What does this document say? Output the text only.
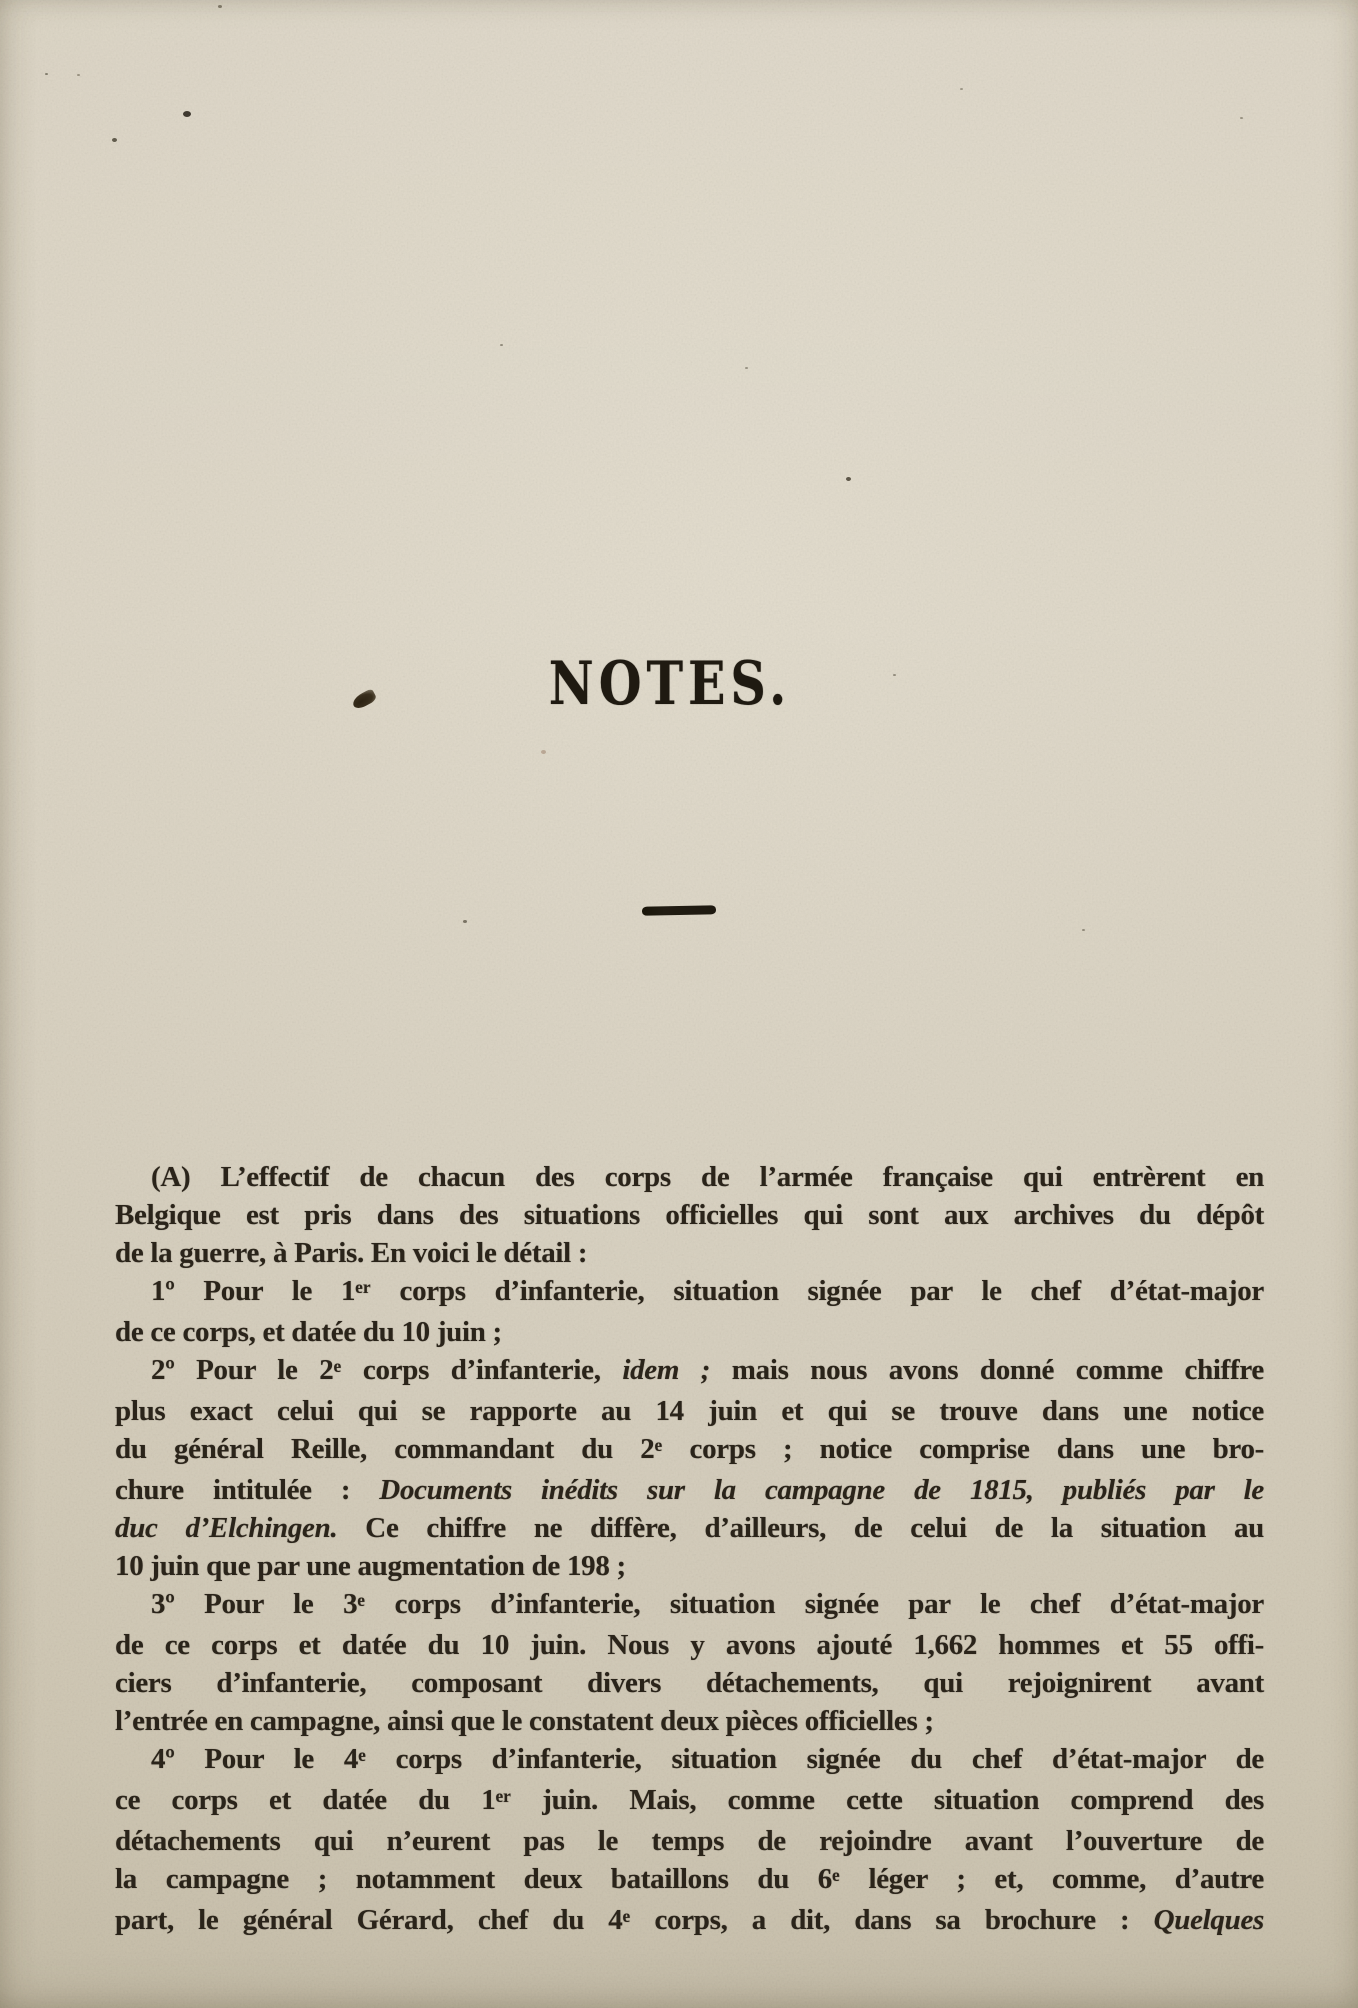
NOTES.
(A) L’effectif de chacun des corps de l’armée française qui entrèrent en
Belgique est pris dans des situations officielles qui sont aux archives du dépôt
de la guerre, à Paris. En voici le détail :
1º Pour le 1er corps d’infanterie, situation signée par le chef d’état-major
de ce corps, et datée du 10 juin ;
2º Pour le 2e corps d’infanterie, idem ; mais nous avons donné comme chiffre
plus exact celui qui se rapporte au 14 juin et qui se trouve dans une notice
du général Reille, commandant du 2e corps ; notice comprise dans une bro-
chure intitulée : Documents inédits sur la campagne de 1815, publiés par le
duc d’Elchingen. Ce chiffre ne diffère, d’ailleurs, de celui de la situation au
10 juin que par une augmentation de 198 ;
3º Pour le 3e corps d’infanterie, situation signée par le chef d’état-major
de ce corps et datée du 10 juin. Nous y avons ajouté 1,662 hommes et 55 offi-
ciers d’infanterie, composant divers détachements, qui rejoignirent avant
l’entrée en campagne, ainsi que le constatent deux pièces officielles ;
4º Pour le 4e corps d’infanterie, situation signée du chef d’état-major de
ce corps et datée du 1er juin. Mais, comme cette situation comprend des
détachements qui n’eurent pas le temps de rejoindre avant l’ouverture de
la campagne ; notamment deux bataillons du 6e léger ; et, comme, d’autre
part, le général Gérard, chef du 4e corps, a dit, dans sa brochure : Quelques
